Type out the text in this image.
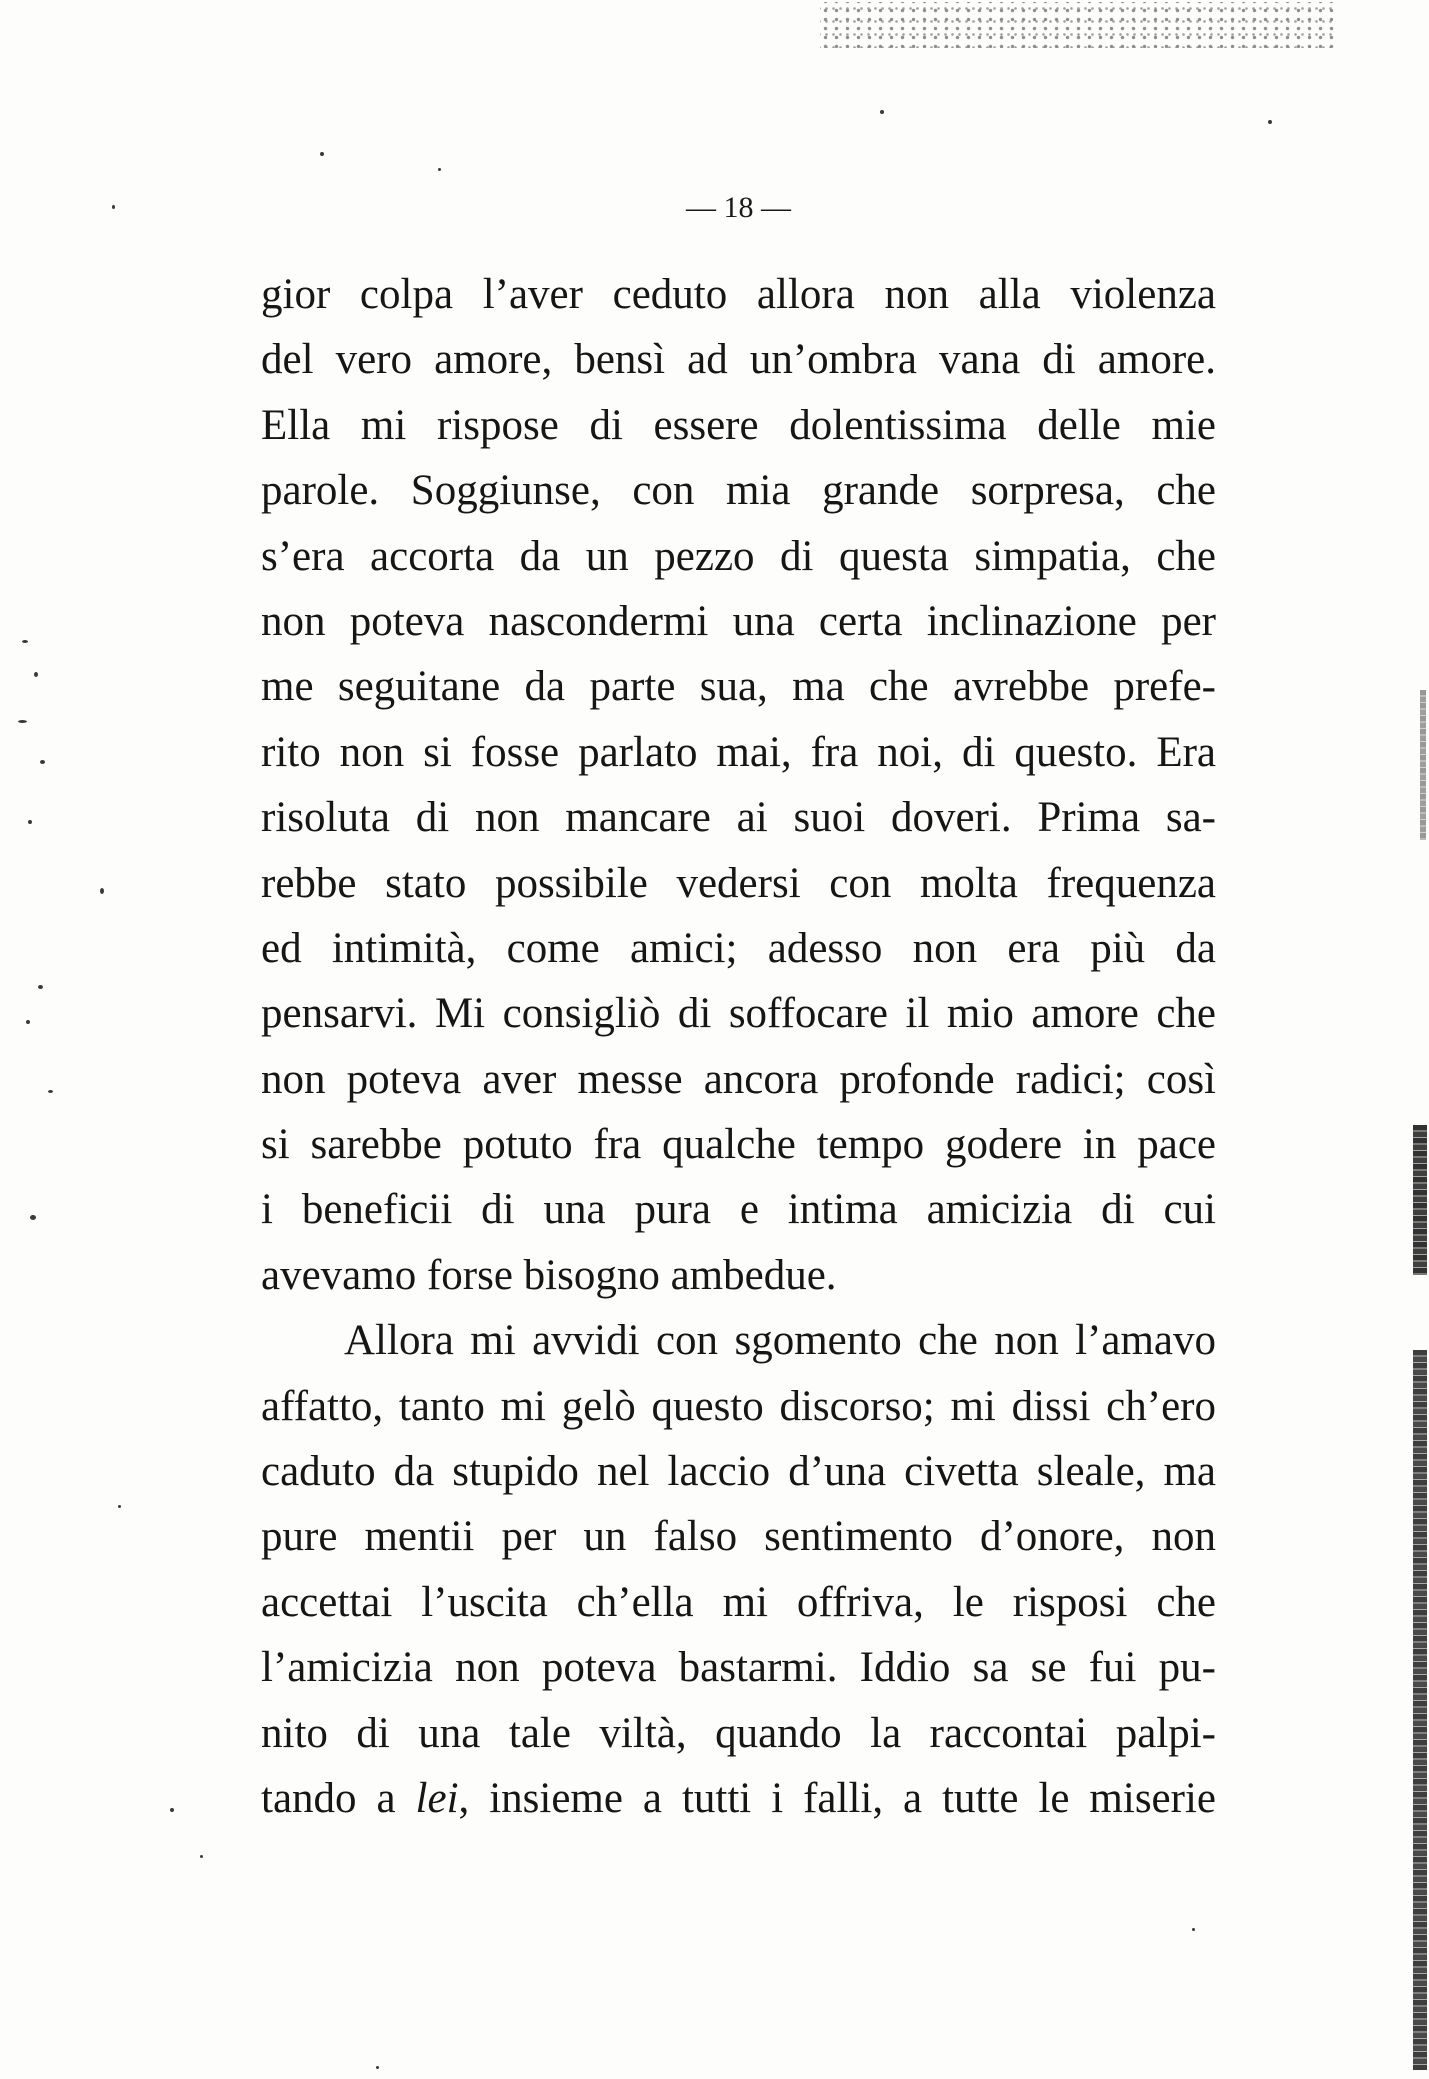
— 18 —
gior colpa l’aver ceduto allora non alla violenza
del vero amore, bensì ad un’ombra vana di amore.
Ella mi rispose di essere dolentissima delle mie
parole. Soggiunse, con mia grande sorpresa, che
s’era accorta da un pezzo di questa simpatia, che
non poteva nascondermi una certa inclinazione per
me seguitane da parte sua, ma che avrebbe prefe-
rito non si fosse parlato mai, fra noi, di questo. Era
risoluta di non mancare ai suoi doveri. Prima sa-
rebbe stato possibile vedersi con molta frequenza
ed intimità, come amici; adesso non era più da
pensarvi. Mi consigliò di soffocare il mio amore che
non poteva aver messe ancora profonde radici; così
si sarebbe potuto fra qualche tempo godere in pace
i beneficii di una pura e intima amicizia di cui
avevamo forse bisogno ambedue.
Allora mi avvidi con sgomento che non l’amavo
affatto, tanto mi gelò questo discorso; mi dissi ch’ero
caduto da stupido nel laccio d’una civetta sleale, ma
pure mentii per un falso sentimento d’onore, non
accettai l’uscita ch’ella mi offriva, le risposi che
l’amicizia non poteva bastarmi. Iddio sa se fui pu-
nito di una tale viltà, quando la raccontai palpi-
tando a lei, insieme a tutti i falli, a tutte le miserie
